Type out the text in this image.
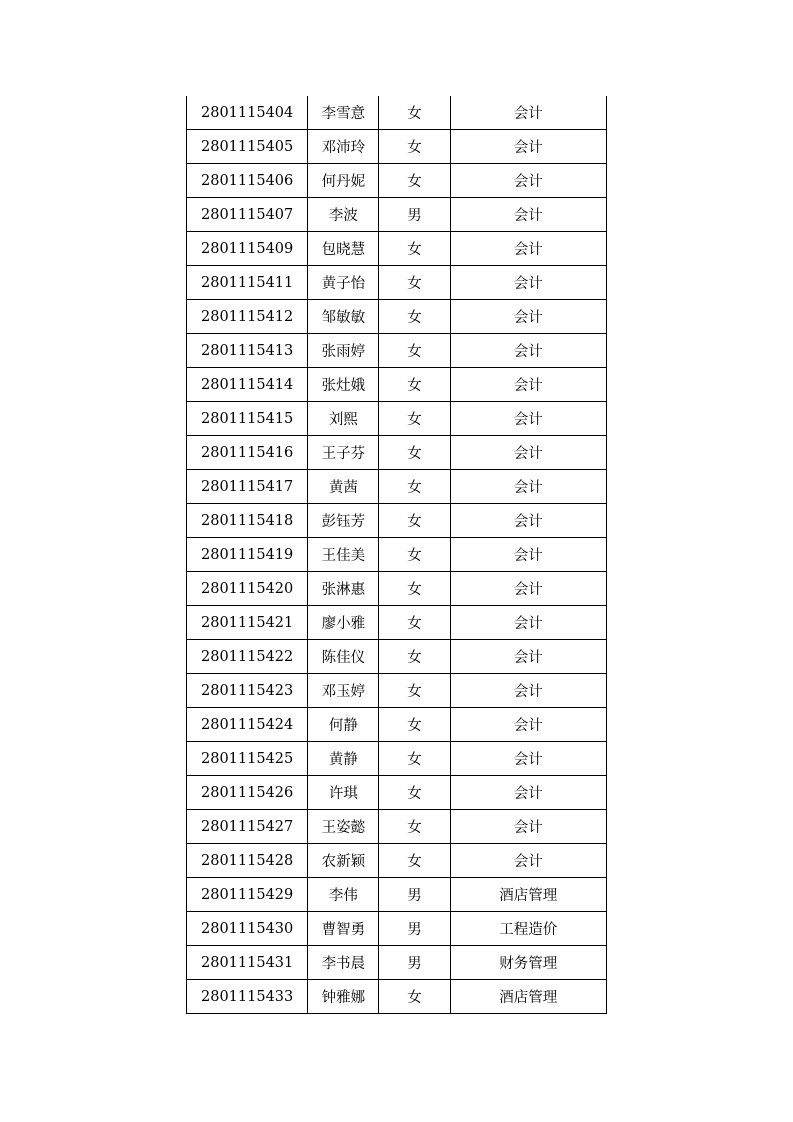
2801115404	李雪意	女	会计
2801115405	邓沛玲	女	会计
2801115406	何丹妮	女	会计
2801115407	李波	男	会计
2801115409	包晓慧	女	会计
2801115411	黄子怡	女	会计
2801115412	邹敏敏	女	会计
2801115413	张雨婷	女	会计
2801115414	张灶娥	女	会计
2801115415	刘熙	女	会计
2801115416	王子芬	女	会计
2801115417	黄茜	女	会计
2801115418	彭钰芳	女	会计
2801115419	王佳美	女	会计
2801115420	张淋惠	女	会计
2801115421	廖小雅	女	会计
2801115422	陈佳仪	女	会计
2801115423	邓玉婷	女	会计
2801115424	何静	女	会计
2801115425	黄静	女	会计
2801115426	许琪	女	会计
2801115427	王姿懿	女	会计
2801115428	农新颖	女	会计
2801115429	李伟	男	酒店管理
2801115430	曹智勇	男	工程造价
2801115431	李书晨	男	财务管理
2801115433	钟雅娜	女	酒店管理
